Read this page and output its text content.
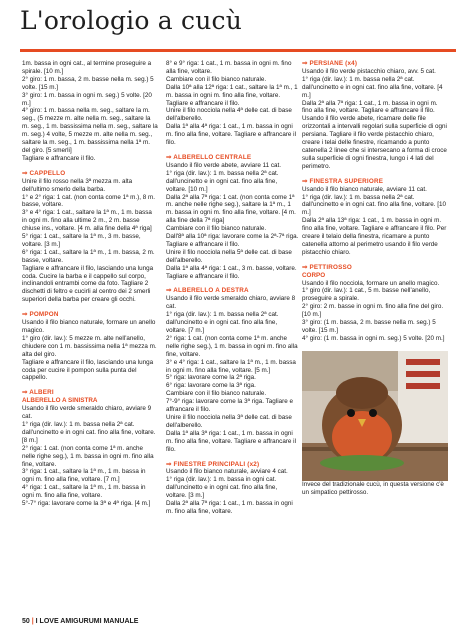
L'orologio a cucù

1m. bassa in ogni cat., al termine proseguire a spirale. [10 m.]

2° giro: 1 m. bassa, 2 m. basse nella m. seg.) 5 volte. [15 m.]

3° giro: 1 m. bassa in ogni m. seg.) 5 volte. [20 m.]

4° giro: 1 m. bassa nella m. seg., saltare la m. seg., (5 mezze m. alte nella m. seg., saltare la m. seg., 1 m. bassissima nella m. seg., saltare la m. seg.) 4 volte, 5 mezze m. alte nella m. seg., saltare la m. seg., 1 m. bassissima nella 1ª m. del giro. [5 smerli]

Tagliare e affrancare il filo.

⇒ CAPPELLO

Unire il filo rosso nella 3ª mezza m. alta dell'ultimo smerlo della barba.

1° e 2° riga: 1 cat. (non conta come 1ª m.), 8 m. basse, voltare.

3° e 4° riga: 1 cat., saltare la 1ª m., 1 m. bassa in ogni m. fino alla ultime 2 m., 2 m. basse chiuse ins., voltare. [4 m. alla fine della 4ª riga]

5° riga: 1 cat., saltare la 1ª m., 3 m. basse, voltare. [3 m.]

6° riga: 1 cat., saltare la 1ª m., 1 m. bassa, 2 m. basse, voltare.

Tagliare e affrancare il filo, lasciando una lunga coda. Cucire la barba e il cappello sul corpo, inclinandoli entrambi come da foto. Tagliare 2 dischetti di feltro e cucirli al centro dei 2 smerli superiori della barba per creare gli occhi.

⇒ POMPON

Usando il filo bianco naturale, formare un anello magico.

1° giro (dir. lav.): 5 mezze m. alte nell'anello, chiudere con 1 m. bassissima nella 1ª mezza m. alta del giro.

Tagliare e affrancare il filo, lasciando una lunga coda per cucire il pompon sulla punta del cappello.

⇒ ALBERI
ALBERELLO A SINISTRA

Usando il filo verde smeraldo chiaro, avviare 9 cat.

1° riga (dir. lav.): 1 m. bassa nella 2ª cat. dall'uncinetto e in ogni cat. fino alla fine, voltare. [8 m.]

2° riga: 1 cat. (non conta come 1ª m. anche nelle righe seg.), 1 m. bassa in ogni m. fino alla fine, voltare.

3° riga: 1 cat., saltare la 1ª m., 1 m. bassa in ogni m. fino alla fine, voltare. [7 m.]

4° riga: 1 cat., saltare la 1ª m., 1 m. bassa in ogni m. fino alla fine, voltare.

5°-7° riga: lavorare come la 3ª e 4ª riga. [4 m.]

8° e 9° riga: 1 cat., 1 m. bassa in ogni m. fino alla fine, voltare.

Cambiare con il filo bianco naturale.

Dalla 10ª alla 12ª riga: 1 cat., saltare la 1ª m., 1 m. bassa in ogni m. fino alla fine, voltare. Tagliare e affrancare il filo.

Unire il filo nocciola nella 4ª delle cat. di base dell'alberello.

Dalla 1ª alla 4ª riga: 1 cat., 1 m. bassa in ogni m. fino alla fine, voltare. Tagliare e affrancare il filo.

⇒ ALBERELLO CENTRALE

Usando il filo verde abete, avviare 11 cat.

1° riga (dir. lav.): 1 m. bassa nella 2ª cat. dall'uncinetto e in ogni cat. fino alla fine, voltare. [10 m.]

Dalla 2ª alla 7ª riga: 1 cat. (non conta come 1ª m. anche nelle righe seg.), saltare la 1ª m., 1 m. bassa in ogni m. fino alla fine, voltare. [4 m. alla fine della 7ª riga]

Cambiare con il filo bianco naturale.

Dall'8ª alla 10ª riga: lavorare come la 2ª-7ª riga. Tagliare e affrancare il filo.

Unire il filo nocciola nella 5ª delle cat. di base dell'alberello.

Dalla 1ª alla 4ª riga: 1 cat., 3 m. basse, voltare. Tagliare e affrancare il filo.

⇒ ALBERELLO A DESTRA

Usando il filo verde smeraldo chiaro, avviare 8 cat.

1° riga (dir. lav.): 1 m. bassa nella 2ª cat. dall'uncinetto e in ogni cat. fino alla fine, voltare. [7 m.]

2° riga: 1 cat. (non conta come 1ª m. anche nelle righe seg.), 1 m. bassa in ogni m. fino alla fine, voltare.

3° e 4° riga: 1 cat., saltare la 1ª m., 1 m. bassa in ogni m. fino alla fine, voltare. [5 m.]

5° riga: lavorare come la 2ª riga.

6° riga: lavorare come la 3ª riga.

Cambiare con il filo bianco naturale.

7°-9° riga: lavorare come la 3ª riga. Tagliare e affrancare il filo.

Unire il filo nocciola nella 3ª delle cat. di base dell'alberello.

Dalla 1ª alla 3ª riga: 1 cat., 1 m. bassa in ogni m. fino alla fine, voltare. Tagliare e affrancare il filo.

⇒ FINESTRE PRINCIPALI (x2)

Usando il filo bianco naturale, avviare 4 cat.

1° riga (dir. lav.): 1 m. bassa in ogni cat. dall'uncinetto e in ogni cat. fino alla fine, voltare. [3 m.]

Dalla 2ª alla 7ª riga: 1 cat., 1 m. bassa in ogni m. fino alla fine, voltare.

⇒ PERSIANE (x4)

Usando il filo verde pistacchio chiaro, avv. 5 cat.

1° riga (dir. lav.): 1 m. bassa nella 2ª cat. dall'uncinetto e in ogni cat. fino alla fine, voltare. [4 m.]

Dalla 2ª alla 7ª riga: 1 cat., 1 m. bassa in ogni m. fino alla fine, voltare. Tagliare e affrancare il filo.

Usando il filo verde abete, ricamare delle file orizzontali a intervalli regolari sulla superficie di ogni persiana. Tagliare il filo verde pistacchio chiaro, creare i telai delle finestre, ricamando a punto catenella 2 linee che si intersecano a forma di croce sulla superficie di ogni finestra, lungo i 4 lati del perimetro.

⇒ FINESTRA SUPERIORE

Usando il filo bianco naturale, avviare 11 cat.

1° riga (dir. lav.): 1 m. bassa nella 2ª cat. dall'uncinetto e in ogni cat. fino alla fine, voltare. [10 m.]

Dalla 2ª alla 13ª riga: 1 cat., 1 m. bassa in ogni m. fino alla fine, voltare. Tagliare e affrancare il filo. Per creare il telaio della finestra, ricamare a punto catenella attorno al perimetro usando il filo verde pistacchio chiaro.

⇒ PETTIROSSO
CORPO

Usando il filo nocciola, formare un anello magico.

1° giro (dir. lav.): 1 cat., 5 m. basse nell'anello, proseguire a spirale.

2° giro: 2 m. basse in ogni m. fino alla fine del giro. [10 m.]

3° giro: (1 m. bassa, 2 m. basse nella m. seg.) 5 volte. [15 m.]

4° giro: (1 m. bassa in ogni m. seg.) 5 volte. [20 m.]

Invece del tradizionale cucù, in questa versione c'è un simpatico pettirosso.

50 | I LOVE AMIGURUMI MANUALE
